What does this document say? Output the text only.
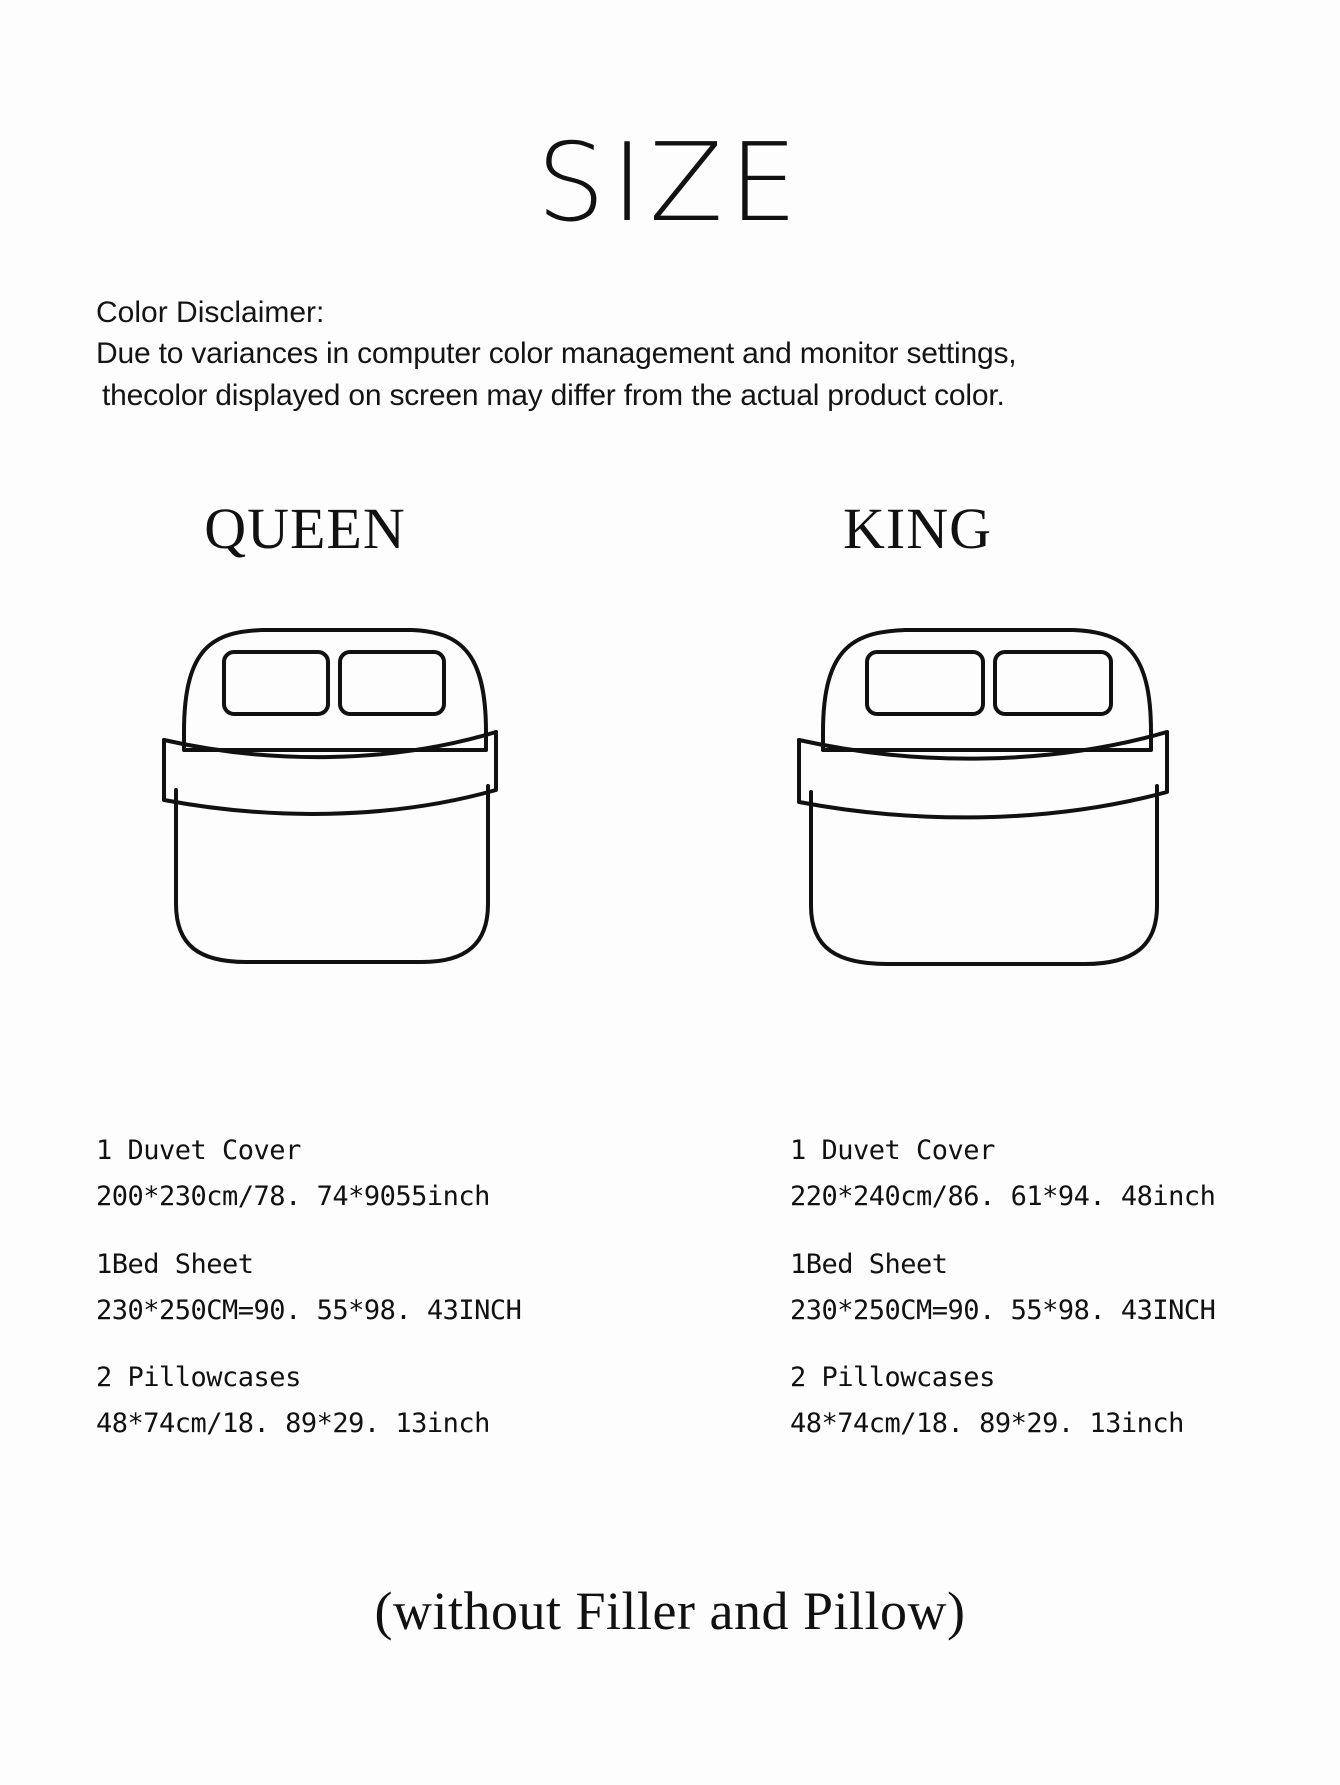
SIZE
Color Disclaimer:
Due to variances in computer color management and monitor settings,
thecolor displayed on screen may differ from the actual product color.
QUEEN
1 Duvet Cover
200*230cm/78. 74*9055inch
1Bed Sheet
230*250CM=90. 55*98. 43INCH
2 Pillowcases
48*74cm/18. 89*29. 13inch
KING
1 Duvet Cover
220*240cm/86. 61*94. 48inch
1Bed Sheet
230*250CM=90. 55*98. 43INCH
2 Pillowcases
48*74cm/18. 89*29. 13inch
(without Filler and Pillow)
